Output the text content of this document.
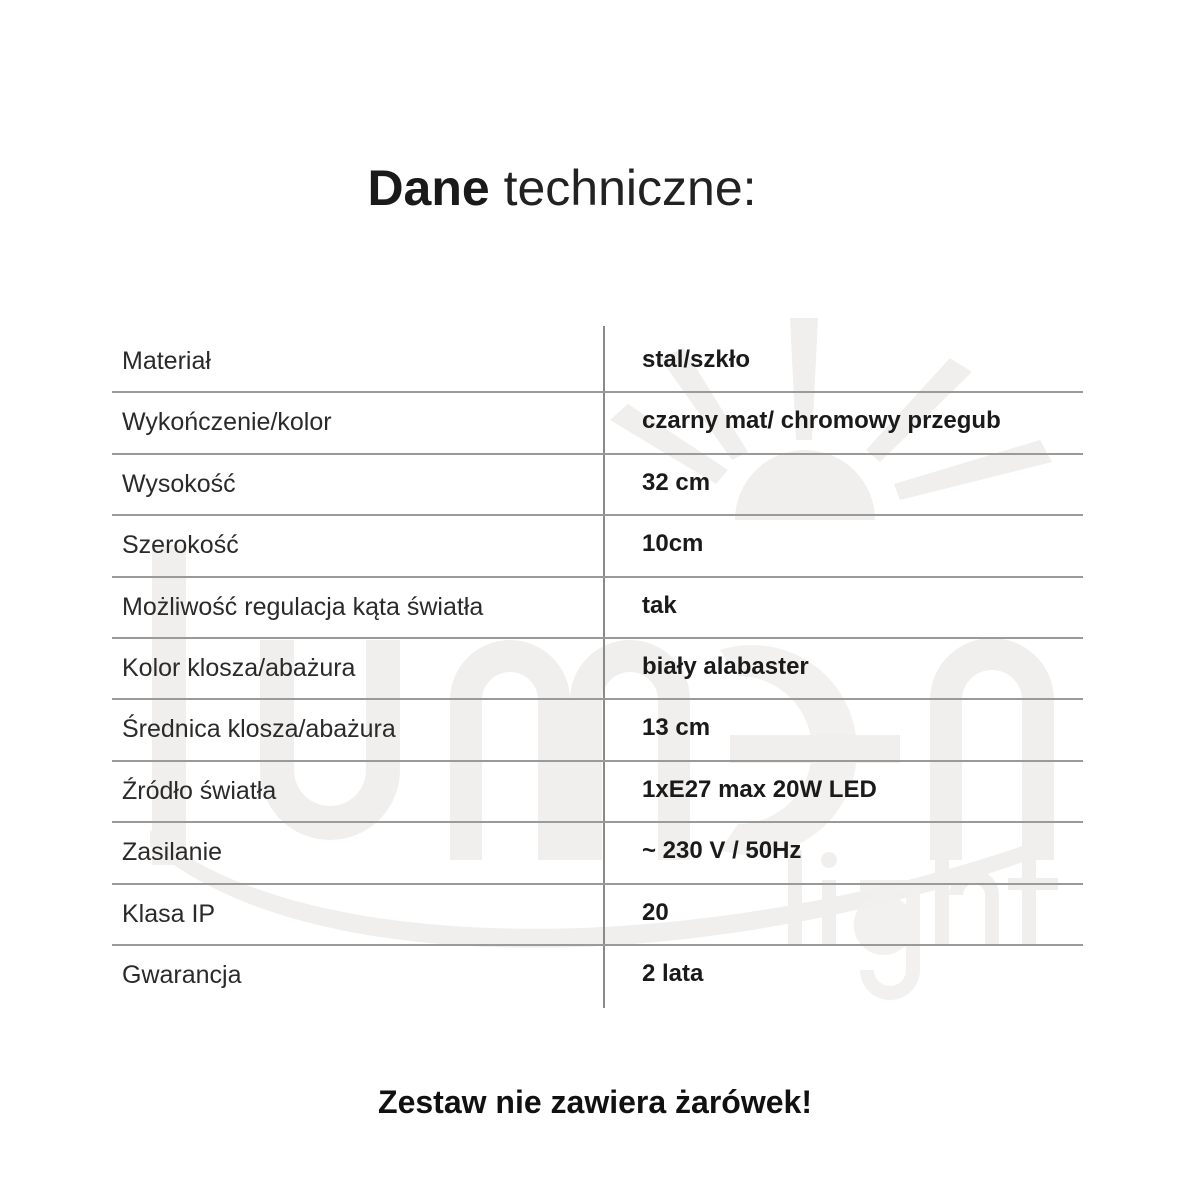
Dane techniczne:
Materiał	stal/szkło
Wykończenie/kolor	czarny mat/ chromowy przegub
Wysokość	32 cm
Szerokość	10cm
Możliwość regulacja kąta światła	tak
Kolor klosza/abażura	biały alabaster
Średnica klosza/abażura	13 cm
Źródło światła	1xE27 max 20W LED
Zasilanie	~ 230 V / 50Hz
Klasa IP	20
Gwarancja	2 lata
Zestaw nie zawiera żarówek!
